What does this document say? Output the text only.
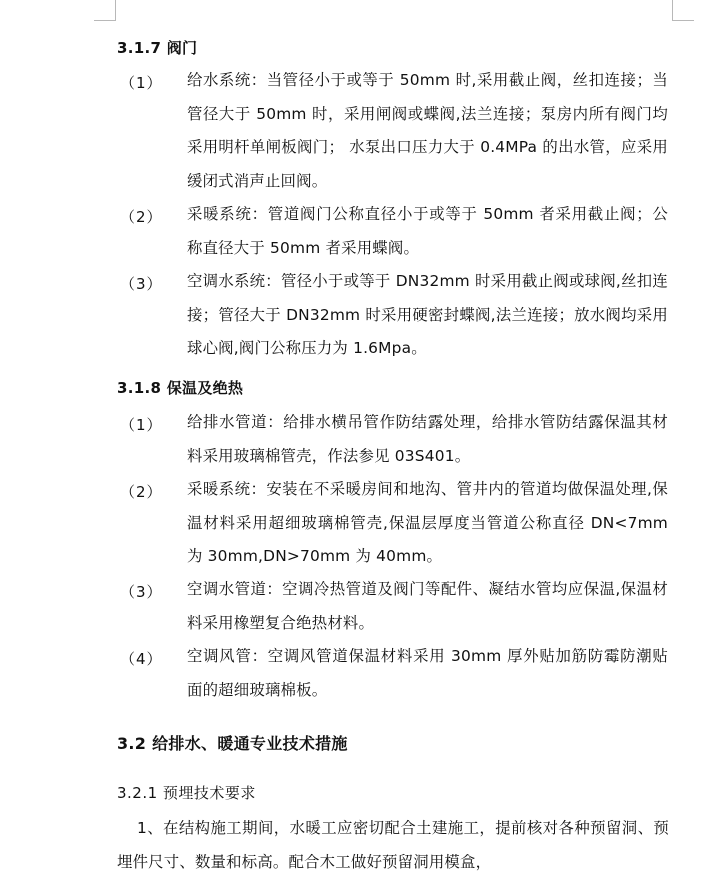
3.1.7 阀门
（1） 给水系统：当管径小于或等于 50mm 时,采用截止阀，丝扣连接；当管径大于 50mm 时，采用闸阀或蝶阀,法兰连接；泵房内所有阀门均采用明杆单闸板阀门； 水泵出口压力大于 0.4MPa 的出水管，应采用缓闭式消声止回阀。

（2） 采暖系统：管道阀门公称直径小于或等于 50mm 者采用截止阀；公称直径大于 50mm 者采用蝶阀。

（3） 空调水系统：管径小于或等于 DN32mm 时采用截止阀或球阀,丝扣连接；管径大于 DN32mm 时采用硬密封蝶阀,法兰连接；放水阀均采用球心阀,阀门公称压力为 1.6Mpa。

3.1.8 保温及绝热
（1） 给排水管道：给排水横吊管作防结露处理，给排水管防结露保温其材料采用玻璃棉管壳，作法参见 03S401。

（2） 采暖系统：安装在不采暖房间和地沟、管井内的管道均做保温处理,保温材料采用超细玻璃棉管壳,保温层厚度当管道公称直径 DN<7mm 为 30mm,DN>70mm 为 40mm。

（3） 空调水管道：空调冷热管道及阀门等配件、凝结水管均应保温,保温材料采用橡塑复合绝热材料。

（4） 空调风管：空调风管道保温材料采用 30mm 厚外贴加筋防霉防潮贴面的超细玻璃棉板。

3.2 给排水、暖通专业技术措施
3.2.1 预埋技术要求

1、在结构施工期间，水暖工应密切配合土建施工，提前核对各种预留洞、预埋件尺寸、数量和标高。配合木工做好预留洞用模盒，
